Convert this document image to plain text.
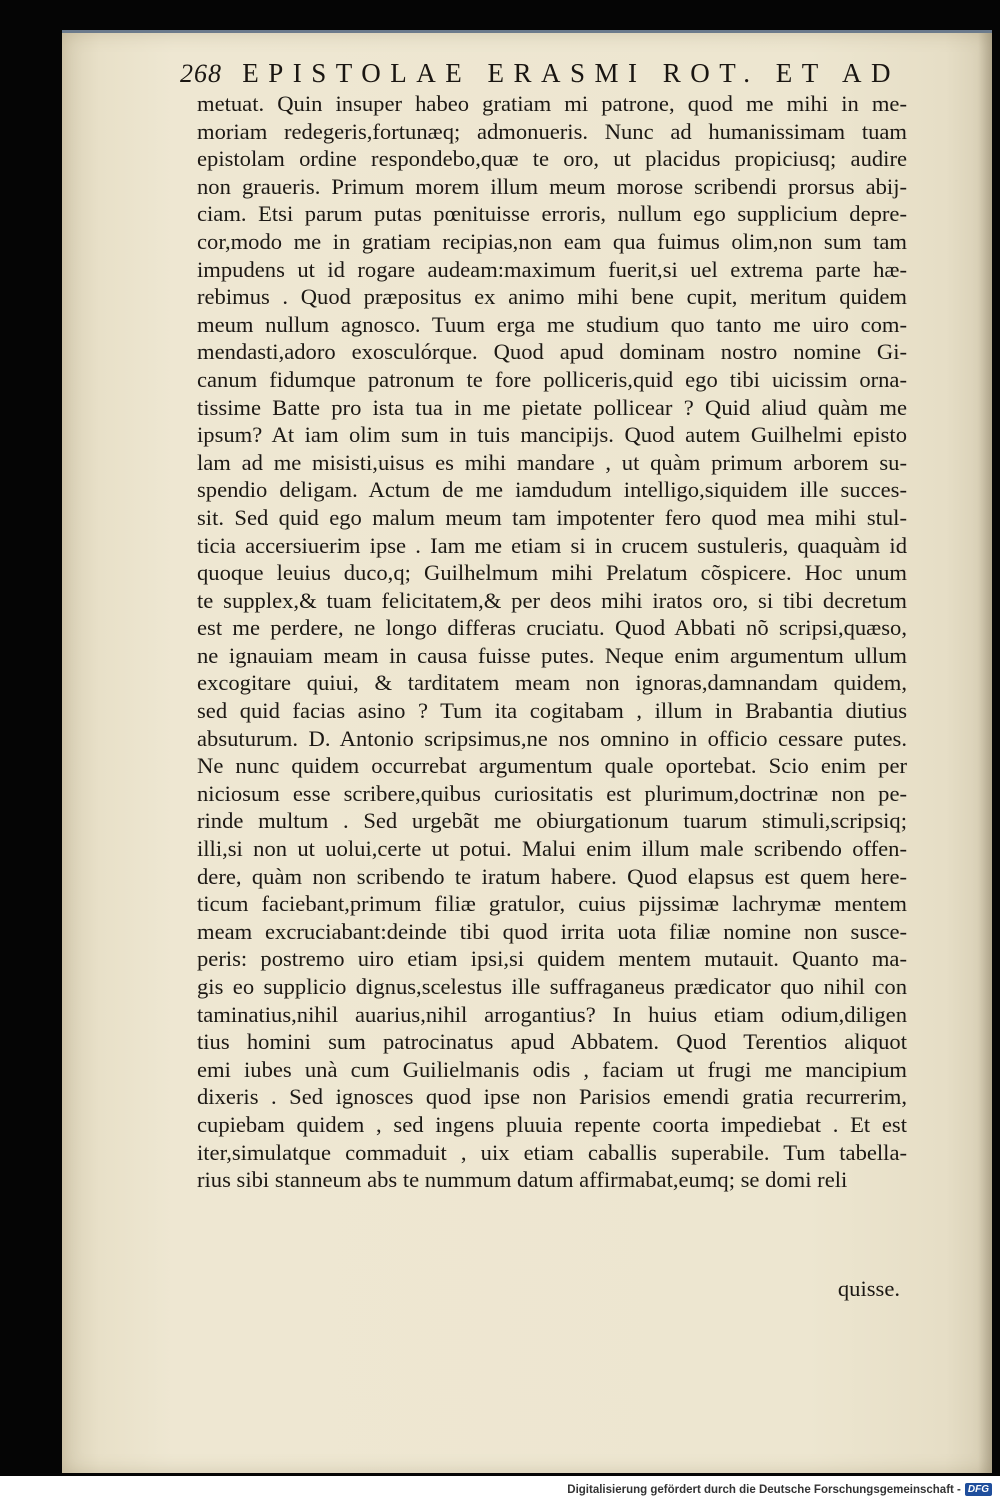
268 EPISTOLAE ERASMI ROT. ET AD
metuat. Quin insuper habeo gratiam mi patrone, quod me mihi in me-
moriam redegeris,fortunæq; admonueris. Nunc ad humanissimam tuam
epistolam ordine respondebo,quæ te oro, ut placidus propiciusq; audire
non graueris. Primum morem illum meum morose scribendi prorsus abij-
ciam. Etsi parum putas pœnituisse erroris, nullum ego supplicium depre-
cor,modo me in gratiam recipias,non eam qua fuimus olim,non sum tam
impudens ut id rogare audeam:maximum fuerit,si uel extrema parte hæ-
rebimus . Quod præpositus ex animo mihi bene cupit, meritum quidem
meum nullum agnosco. Tuum erga me studium quo tanto me uiro com-
mendasti,adoro exosculórque. Quod apud dominam nostro nomine Gi-
canum fidumque patronum te fore polliceris,quid ego tibi uicissim orna-
tissime Batte pro ista tua in me pietate pollicear ? Quid aliud quàm me
ipsum? At iam olim sum in tuis mancipijs. Quod autem Guilhelmi episto
lam ad me misisti,uisus es mihi mandare , ut quàm primum arborem su-
spendio deligam. Actum de me iamdudum intelligo,siquidem ille succes-
sit. Sed quid ego malum meum tam impotenter fero quod mea mihi stul-
ticia accersiuerim ipse . Iam me etiam si in crucem sustuleris, quaquàm id
quoque leuius duco,q; Guilhelmum mihi Prelatum cõspicere. Hoc unum
te supplex,& tuam felicitatem,& per deos mihi iratos oro, si tibi decretum
est me perdere, ne longo differas cruciatu. Quod Abbati nõ scripsi,quæso,
ne ignauiam meam in causa fuisse putes. Neque enim argumentum ullum
excogitare quiui, & tarditatem meam non ignoras,damnandam quidem,
sed quid facias asino ? Tum ita cogitabam , illum in Brabantia diutius
absuturum. D. Antonio scripsimus,ne nos omnino in officio cessare putes.
Ne nunc quidem occurrebat argumentum quale oportebat. Scio enim per
niciosum esse scribere,quibus curiositatis est plurimum,doctrinæ non pe-
rinde multum . Sed urgebãt me obiurgationum tuarum stimuli,scripsiq;
illi,si non ut uolui,certe ut potui. Malui enim illum male scribendo offen-
dere, quàm non scribendo te iratum habere. Quod elapsus est quem here-
ticum faciebant,primum filiæ gratulor, cuius pijssimæ lachrymæ mentem
meam excruciabant:deinde tibi quod irrita uota filiæ nomine non susce-
peris: postremo uiro etiam ipsi,si quidem mentem mutauit. Quanto ma-
gis eo supplicio dignus,scelestus ille suffraganeus prædicator quo nihil con
taminatius,nihil auarius,nihil arrogantius? In huius etiam odium,diligen
tius homini sum patrocinatus apud Abbatem. Quod Terentios aliquot
emi iubes unà cum Guilielmanis odis , faciam ut frugi me mancipium
dixeris . Sed ignosces quod ipse non Parisios emendi gratia recurrerim,
cupiebam quidem , sed ingens pluuia repente coorta impediebat . Et est
iter,simulatque commaduit , uix etiam caballis superabile. Tum tabella-
rius sibi stanneum abs te nummum datum affirmabat,eumq; se domi reli
quisse.
Digitalisierung gefördert durch die Deutsche Forschungsgemeinschaft - DFG
